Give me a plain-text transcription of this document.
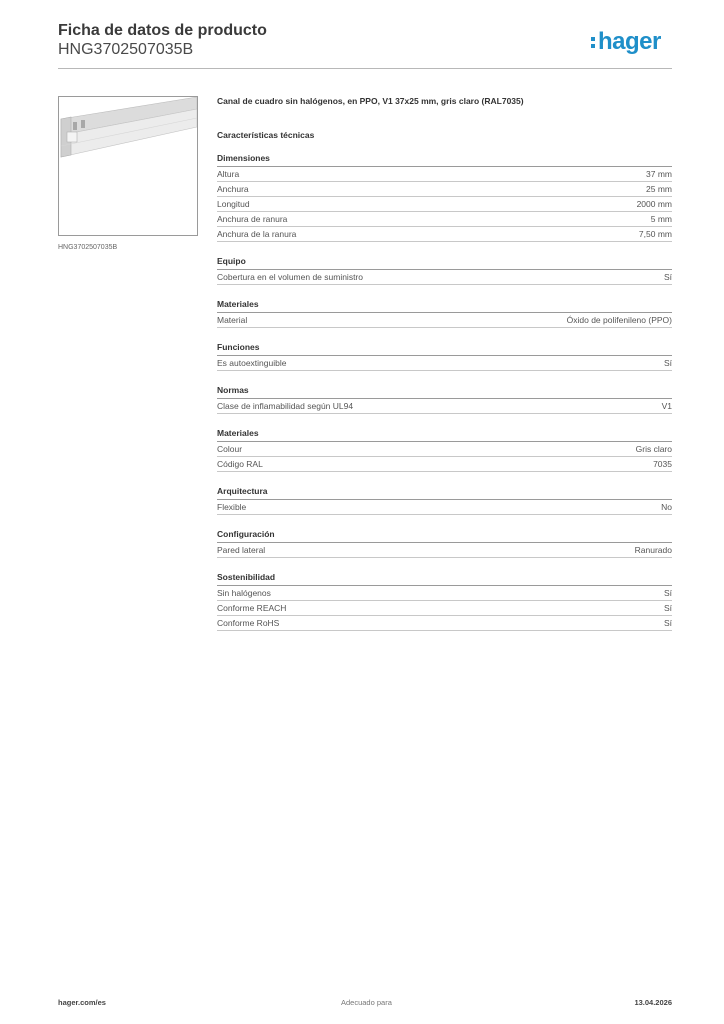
Ficha de datos de producto
HNG3702507035B	hager
HNG3702507035B
Canal de cuadro sin halógenos, en PPO, V1 37x25 mm, gris claro (RAL7035)
Características técnicas
Dimensiones
Altura	37 mm
Anchura	25 mm
Longitud	2000 mm
Anchura de ranura	5 mm
Anchura de la ranura	7,50 mm
Equipo
Cobertura en el volumen de suministro	Sí
Materiales
Material	Óxido de polifenileno (PPO)
Funciones
Es autoextinguible	Sí
Normas
Clase de inflamabilidad según UL94	V1
Materiales
Colour	Gris claro
Código RAL	7035
Arquitectura
Flexible	No
Configuración
Pared lateral	Ranurado
Sostenibilidad
Sin halógenos	Sí
Conforme REACH	Sí
Conforme RoHS	Sí
hager.com/es	Adecuado para	13.04.2026
